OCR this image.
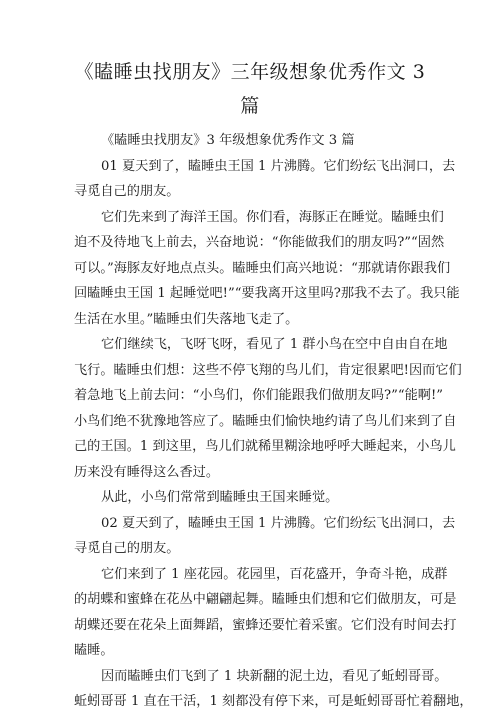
《瞌睡虫找朋友》三年级想象优秀作文 3
篇
《瞌睡虫找朋友》3 年级想象优秀作文 3 篇
01 夏天到了，瞌睡虫王国 1 片沸腾。它们纷纭飞出洞口，去
寻觅自己的朋友。
它们先来到了海洋王国。你们看，海豚正在睡觉。瞌睡虫们
迫不及待地飞上前去，兴奋地说：“你能做我们的朋友吗?”“固然
可以。”海豚友好地点点头。瞌睡虫们高兴地说：“那就请你跟我们
回瞌睡虫王国 1 起睡觉吧!”“要我离开这里吗?那我不去了。我只能
生活在水里。”瞌睡虫们失落地飞走了。
它们继续飞，飞呀飞呀，看见了 1 群小鸟在空中自由自在地
飞行。瞌睡虫们想：这些不停飞翔的鸟儿们，肯定很累吧!因而它们
着急地飞上前去问：“小鸟们，你们能跟我们做朋友吗?”“能啊!”
小鸟们绝不犹豫地答应了。瞌睡虫们愉快地约请了鸟儿们来到了自
己的王国。1 到这里，鸟儿们就稀里糊涂地呼呼大睡起来，小鸟儿
历来没有睡得这么香过。
从此，小鸟们常常到瞌睡虫王国来睡觉。
02 夏天到了，瞌睡虫王国 1 片沸腾。它们纷纭飞出洞口，去
寻觅自己的朋友。
它们来到了 1 座花园。花园里，百花盛开，争奇斗艳，成群
的胡蝶和蜜蜂在花丛中翩翩起舞。瞌睡虫们想和它们做朋友，可是
胡蝶还要在花朵上面舞蹈，蜜蜂还要忙着采蜜。它们没有时间去打
瞌睡。
因而瞌睡虫们飞到了 1 块新翻的泥土边，看见了蚯蚓哥哥。
蚯蚓哥哥 1 直在干活，1 刻都没有停下来，可是蚯蚓哥哥忙着翻地，
